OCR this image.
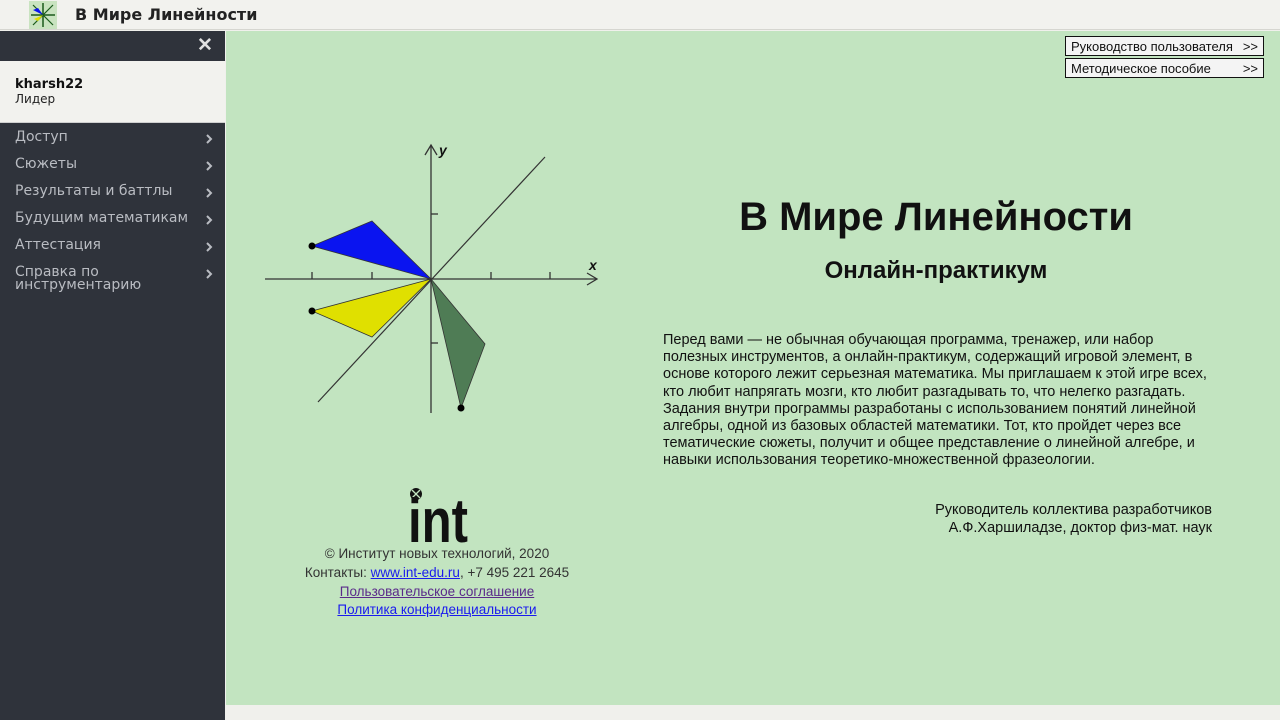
В Мире Линейности
✕
kharsh22
Лидер
Доступ
Сюжеты
Результаты и баттлы
Будущим математикам
Аттестация
Справка по инструментарию
Руководство пользователя >>
Методическое пособие >>
x
y
В Мире Линейности
Онлайн-практикум
Перед вами — не обычная обучающая программа, тренажер, или набор полезных инструментов, а онлайн-практикум, содержащий игровой элемент, в основе которого лежит серьезная математика. Мы приглашаем к этой игре всех, кто любит напрягать мозги, кто любит разгадывать то, что нелегко разгадать. Задания внутри программы разработаны с использованием понятий линейной алгебры, одной из базовых областей математики. Тот, кто пройдет через все тематические сюжеты, получит и общее представление о линейной алгебре, и навыки использования теоретико-множественной фразеологии.
Руководитель коллектива разработчиков
А.Ф.Харшиладзе, доктор физ-мат. наук
int
© Институт новых технологий, 2020
Контакты: www.int-edu.ru, +7 495 221 2645
Пользовательское соглашение
Политика конфиденциальности
